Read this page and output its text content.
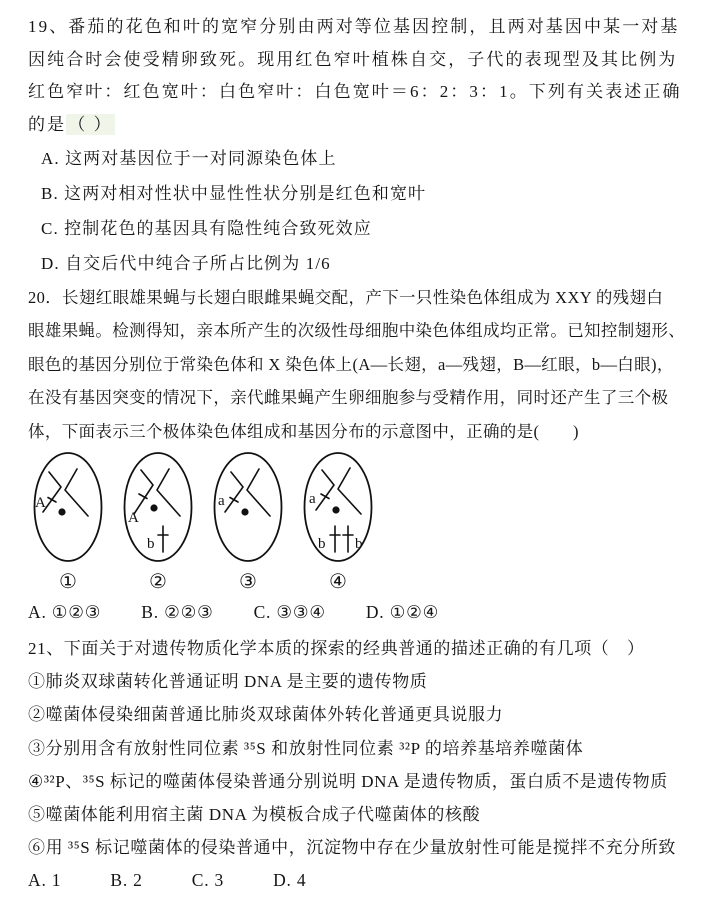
19、番茄的花色和叶的宽窄分别由两对等位基因控制，且两对基因中某一对基
因纯合时会使受精卵致死。现用红色窄叶植株自交，子代的表现型及其比例为
红色窄叶：红色宽叶：白色窄叶：白色宽叶＝6：2：3：1。下列有关表述正确
的是 （ ）
A. 这两对基因位于一对同源染色体上
B. 这两对相对性状中显性性状分别是红色和宽叶
C. 控制花色的基因具有隐性纯合致死效应
D. 自交后代中纯合子所占比例为 1/6
20．长翅红眼雄果蝇与长翅白眼雌果蝇交配，产下一只性染色体组成为 XXY 的残翅白
眼雄果蝇。检测得知，亲本所产生的次级性母细胞中染色体组成均正常。已知控制翅形、
眼色的基因分别位于常染色体和 X 染色体上(A—长翅，a—残翅，B—红眼，b—白眼)，
在没有基因突变的情况下，亲代雌果蝇产生卵细胞参与受精作用，同时还产生了三个极
体，下面表示三个极体染色体组成和基因分布的示意图中，正确的是(　　)
A
①
A
b
②
a
③
a
b b
④
A. ①②③ B. ②②③ C. ③③④ D. ①②④
21、下面关于对遗传物质化学本质的探索的经典普通的描述正确的有几项（　）
①肺炎双球菌转化普通证明 DNA 是主要的遗传物质
②噬菌体侵染细菌普通比肺炎双球菌体外转化普通更具说服力
③分别用含有放射性同位素 ³⁵S 和放射性同位素 ³²P 的培养基培养噬菌体
④³²P、³⁵S 标记的噬菌体侵染普通分别说明 DNA 是遗传物质，蛋白质不是遗传物质
⑤噬菌体能利用宿主菌 DNA 为模板合成子代噬菌体的核酸
⑥用 ³⁵S 标记噬菌体的侵染普通中，沉淀物中存在少量放射性可能是搅拌不充分所致
A. 1	B. 2	C. 3	D. 4
